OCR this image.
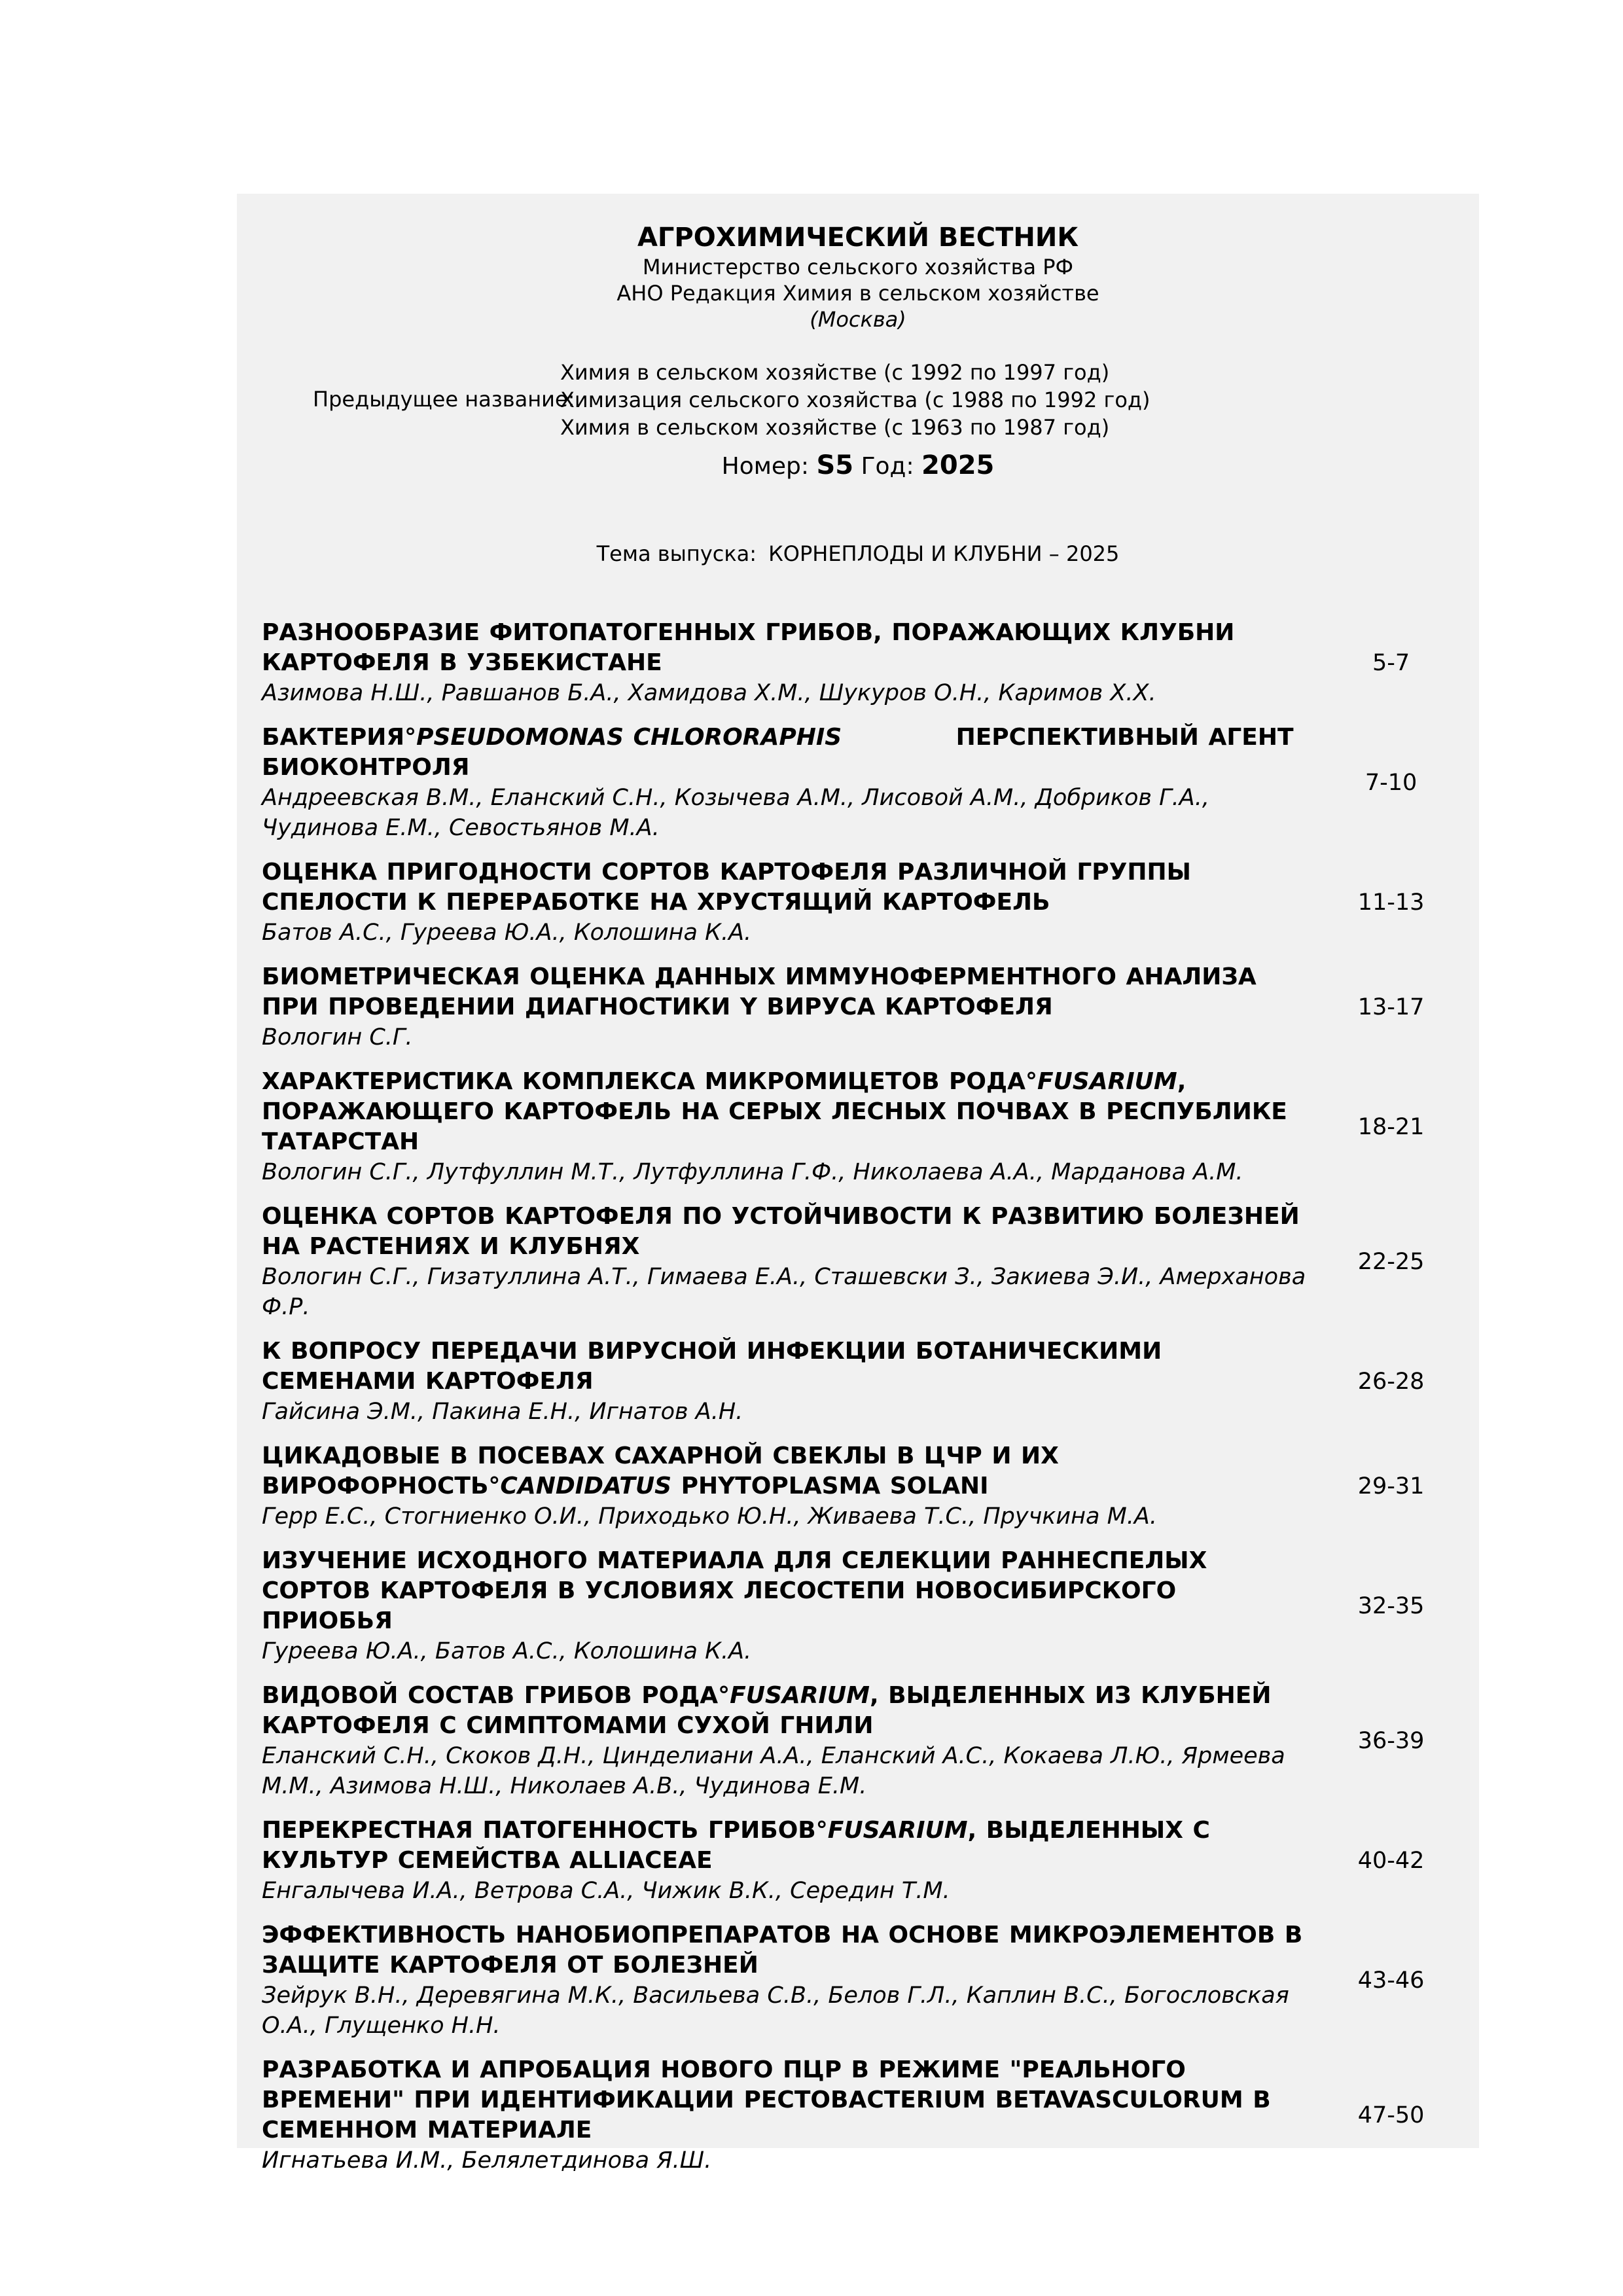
АГРОХИМИЧЕСКИЙ ВЕСТНИК
Министерство сельского хозяйства РФ
АНО Редакция Химия в сельском хозяйстве
(Москва)
Предыдущее название:
Химия в сельском хозяйстве (с 1992 по 1997 год)
Химизация сельского хозяйства (с 1988 по 1992 год)
Химия в сельском хозяйстве (с 1963 по 1987 год)
Номер: S5 Год: 2025
Тема выпуска: КОРНЕПЛОДЫ И КЛУБНИ – 2025
РАЗНООБРАЗИЕ ФИТОПАТОГЕННЫХ ГРИБОВ, ПОРАЖАЮЩИХ КЛУБНИ КАРТОФЕЛЯ В УЗБЕКИСТАНЕ
Азимова Н.Ш., Равшанов Б.А., Хамидова Х.М., Шукуров О.Н., Каримов Х.Х.
5-7
БАКТЕРИЯ°PSEUDOMONAS CHLORORAPHIS            ПЕРСПЕКТИВНЫЙ АГЕНТ БИОКОНТРОЛЯ
Андреевская В.М., Еланский С.Н., Козычева А.М., Лисовой А.М., Добриков Г.А., Чудинова Е.М., Севостьянов М.А.
7-10
ОЦЕНКА ПРИГОДНОСТИ СОРТОВ КАРТОФЕЛЯ РАЗЛИЧНОЙ ГРУППЫ СПЕЛОСТИ К ПЕРЕРАБОТКЕ НА ХРУСТЯЩИЙ КАРТОФЕЛЬ
Батов А.С., Гуреева Ю.А., Колошина К.А.
11-13
БИОМЕТРИЧЕСКАЯ ОЦЕНКА ДАННЫХ ИММУНОФЕРМЕНТНОГО АНАЛИЗА ПРИ ПРОВЕДЕНИИ ДИАГНОСТИКИ Y ВИРУСА КАРТОФЕЛЯ
Вологин С.Г.
13-17
ХАРАКТЕРИСТИКА КОМПЛЕКСА МИКРОМИЦЕТОВ РОДА°FUSARIUM, ПОРАЖАЮЩЕГО КАРТОФЕЛЬ НА СЕРЫХ ЛЕСНЫХ ПОЧВАХ В РЕСПУБЛИКЕ ТАТАРСТАН
Вологин С.Г., Лутфуллин М.Т., Лутфуллина Г.Ф., Николаева А.А., Марданова А.М.
18-21
ОЦЕНКА СОРТОВ КАРТОФЕЛЯ ПО УСТОЙЧИВОСТИ К РАЗВИТИЮ БОЛЕЗНЕЙ НА РАСТЕНИЯХ И КЛУБНЯХ
Вологин С.Г., Гизатуллина А.Т., Гимаева Е.А., Сташевски З., Закиева Э.И., Амерханова Ф.Р.
22-25
К ВОПРОСУ ПЕРЕДАЧИ ВИРУСНОЙ ИНФЕКЦИИ БОТАНИЧЕСКИМИ СЕМЕНАМИ КАРТОФЕЛЯ
Гайсина Э.М., Пакина Е.Н., Игнатов А.Н.
26-28
ЦИКАДОВЫЕ В ПОСЕВАХ САХАРНОЙ СВЕКЛЫ В ЦЧР И ИХ ВИРОФОРНОСТЬ°CANDIDATUS PHYTOPLASMA SOLANI
Герр Е.С., Стогниенко О.И., Приходько Ю.Н., Живаева Т.С., Пручкина М.А.
29-31
ИЗУЧЕНИЕ ИСХОДНОГО МАТЕРИАЛА ДЛЯ СЕЛЕКЦИИ РАННЕСПЕЛЫХ СОРТОВ КАРТОФЕЛЯ В УСЛОВИЯХ ЛЕСОСТЕПИ НОВОСИБИРСКОГО ПРИОБЬЯ
Гуреева Ю.А., Батов А.С., Колошина К.А.
32-35
ВИДОВОЙ СОСТАВ ГРИБОВ РОДА°FUSARIUM, ВЫДЕЛЕННЫХ ИЗ КЛУБНЕЙ КАРТОФЕЛЯ С СИМПТОМАМИ СУХОЙ ГНИЛИ
Еланский С.Н., Скоков Д.Н., Цинделиани А.А., Еланский А.С., Кокаева Л.Ю., Ярмеева М.М., Азимова Н.Ш., Николаев А.В., Чудинова Е.М.
36-39
ПЕРЕКРЕСТНАЯ ПАТОГЕННОСТЬ ГРИБОВ°FUSARIUM, ВЫДЕЛЕННЫХ С КУЛЬТУР СЕМЕЙСТВА ALLIACEAE
Енгалычева И.А., Ветрова С.А., Чижик В.К., Середин Т.М.
40-42
ЭФФЕКТИВНОСТЬ НАНОБИОПРЕПАРАТОВ НА ОСНОВЕ МИКРОЭЛЕМЕНТОВ В ЗАЩИТЕ КАРТОФЕЛЯ ОТ БОЛЕЗНЕЙ
Зейрук В.Н., Деревягина М.К., Васильева С.В., Белов Г.Л., Каплин В.С., Богословская О.А., Глущенко Н.Н.
43-46
РАЗРАБОТКА И АПРОБАЦИЯ НОВОГО ПЦР В РЕЖИМЕ "РЕАЛЬНОГО ВРЕМЕНИ" ПРИ ИДЕНТИФИКАЦИИ PECTOBACTERIUM BETAVASCULORUM В СЕМЕННОМ МАТЕРИАЛЕ
Игнатьева И.М., Белялетдинова Я.Ш.
47-50
